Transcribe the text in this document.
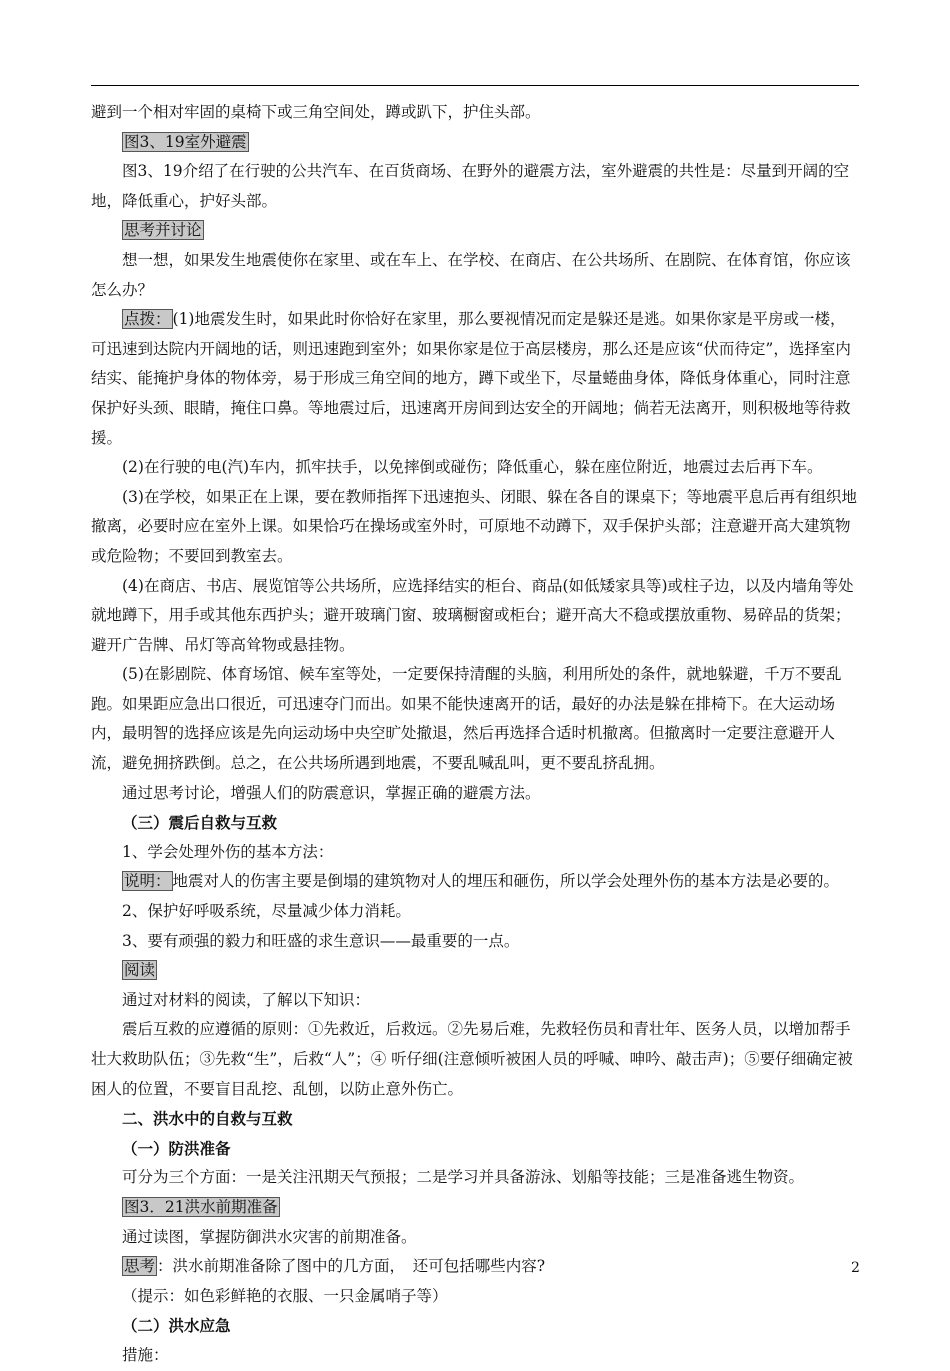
避到一个相对牢固的桌椅下或三角空间处，蹲或趴下，护住头部。

图3、19室外避震

图3、19介绍了在行驶的公共汽车、在百货商场、在野外的避震方法，室外避震的共性是：尽量到开阔的空地，降低重心，护好头部。

思考并讨论

想一想，如果发生地震使你在家里、或在车上、在学校、在商店、在公共场所、在剧院、在体育馆，你应该怎么办？

点拨： (1)地震发生时，如果此时你恰好在家里，那么要视情况而定是躲还是逃。如果你家是平房或一楼，可迅速到达院内开阔地的话，则迅速跑到室外；如果你家是位于高层楼房，那么还是应该“伏而待定”，选择室内结实、能掩护身体的物体旁，易于形成三角空间的地方，蹲下或坐下，尽量蜷曲身体，降低身体重心，同时注意保护好头颈、眼睛，掩住口鼻。等地震过后，迅速离开房间到达安全的开阔地；倘若无法离开，则积极地等待救援。

(2)在行驶的电(汽)车内，抓牢扶手，以免摔倒或碰伤；降低重心，躲在座位附近，地震过去后再下车。

(3)在学校，如果正在上课，要在教师指挥下迅速抱头、闭眼、躲在各自的课桌下；等地震平息后再有组织地撤离，必要时应在室外上课。如果恰巧在操场或室外时，可原地不动蹲下，双手保护头部；注意避开高大建筑物或危险物；不要回到教室去。

(4)在商店、书店、展览馆等公共场所，应选择结实的柜台、商品(如低矮家具等)或柱子边，以及内墙角等处就地蹲下，用手或其他东西护头；避开玻璃门窗、玻璃橱窗或柜台；避开高大不稳或摆放重物、易碎品的货架；避开广告牌、吊灯等高耸物或悬挂物。

(5)在影剧院、体育场馆、候车室等处，一定要保持清醒的头脑，利用所处的条件，就地躲避，千万不要乱跑。如果距应急出口很近，可迅速夺门而出。如果不能快速离开的话，最好的办法是躲在排椅下。在大运动场内，最明智的选择应该是先向运动场中央空旷处撤退，然后再选择合适时机撤离。但撤离时一定要注意避开人流，避免拥挤跌倒。总之，在公共场所遇到地震，不要乱喊乱叫，更不要乱挤乱拥。

通过思考讨论，增强人们的防震意识，掌握正确的避震方法。

（三）震后自救与互救

1、学会处理外伤的基本方法：

说明： 地震对人的伤害主要是倒塌的建筑物对人的埋压和砸伤，所以学会处理外伤的基本方法是必要的。

2、保护好呼吸系统，尽量减少体力消耗。

3、要有顽强的毅力和旺盛的求生意识——最重要的一点。

阅读

通过对材料的阅读，了解以下知识：

震后互救的应遵循的原则：①先救近，后救远。②先易后难，先救轻伤员和青壮年、医务人员，以增加帮手壮大救助队伍；③先救“生”，后救“人”；④ 听仔细(注意倾听被困人员的呼喊、呻吟、敲击声)；⑤要仔细确定被困人的位置，不要盲目乱挖、乱刨，以防止意外伤亡。

二、洪水中的自救与互救

（一）防洪准备

可分为三个方面：一是关注汛期天气预报；二是学习并具备游泳、划船等技能；三是准备逃生物资。

图3．21洪水前期准备

通过读图，掌握防御洪水灾害的前期准备。

思考 ：洪水前期准备除了图中的几方面，　还可包括哪些内容?

（提示：如色彩鲜艳的衣服、一只金属哨子等）

（二）洪水应急

措施：

2
